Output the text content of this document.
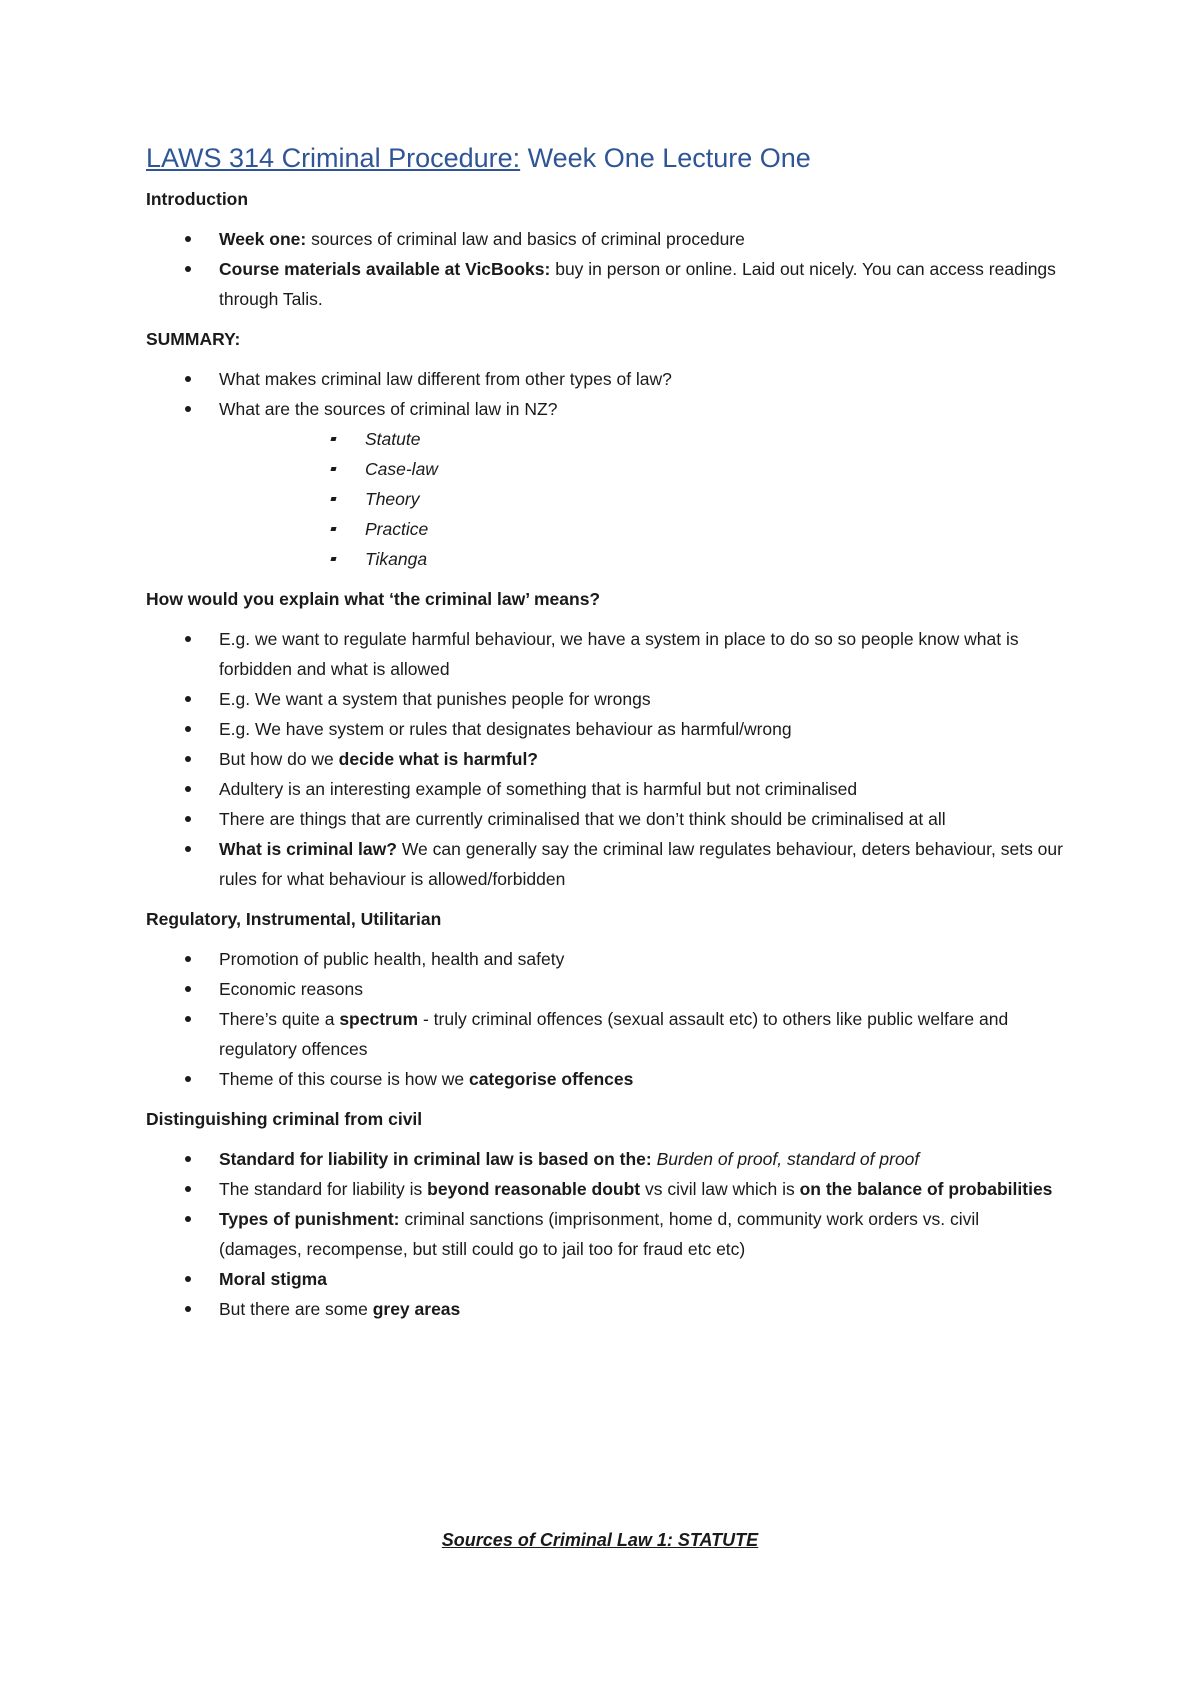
LAWS 314 Criminal Procedure: Week One Lecture One
Introduction
Week one: sources of criminal law and basics of criminal procedure
Course materials available at VicBooks: buy in person or online. Laid out nicely. You can access readings through Talis.
SUMMARY:
What makes criminal law different from other types of law?
What are the sources of criminal law in NZ?
Statute
Case-law
Theory
Practice
Tikanga
How would you explain what ‘the criminal law’ means?
E.g. we want to regulate harmful behaviour, we have a system in place to do so so people know what is forbidden and what is allowed
E.g. We want a system that punishes people for wrongs
E.g. We have system or rules that designates behaviour as harmful/wrong
But how do we decide what is harmful?
Adultery is an interesting example of something that is harmful but not criminalised
There are things that are currently criminalised that we don’t think should be criminalised at all
What is criminal law? We can generally say the criminal law regulates behaviour, deters behaviour, sets our rules for what behaviour is allowed/forbidden
Regulatory, Instrumental, Utilitarian
Promotion of public health, health and safety
Economic reasons
There’s quite a spectrum - truly criminal offences (sexual assault etc) to others like public welfare and regulatory offences
Theme of this course is how we categorise offences
Distinguishing criminal from civil
Standard for liability in criminal law is based on the: Burden of proof, standard of proof
The standard for liability is beyond reasonable doubt vs civil law which is on the balance of probabilities
Types of punishment: criminal sanctions (imprisonment, home d, community work orders vs. civil (damages, recompense, but still could go to jail too for fraud etc etc)
Moral stigma
But there are some grey areas
Sources of Criminal Law 1: STATUTE
